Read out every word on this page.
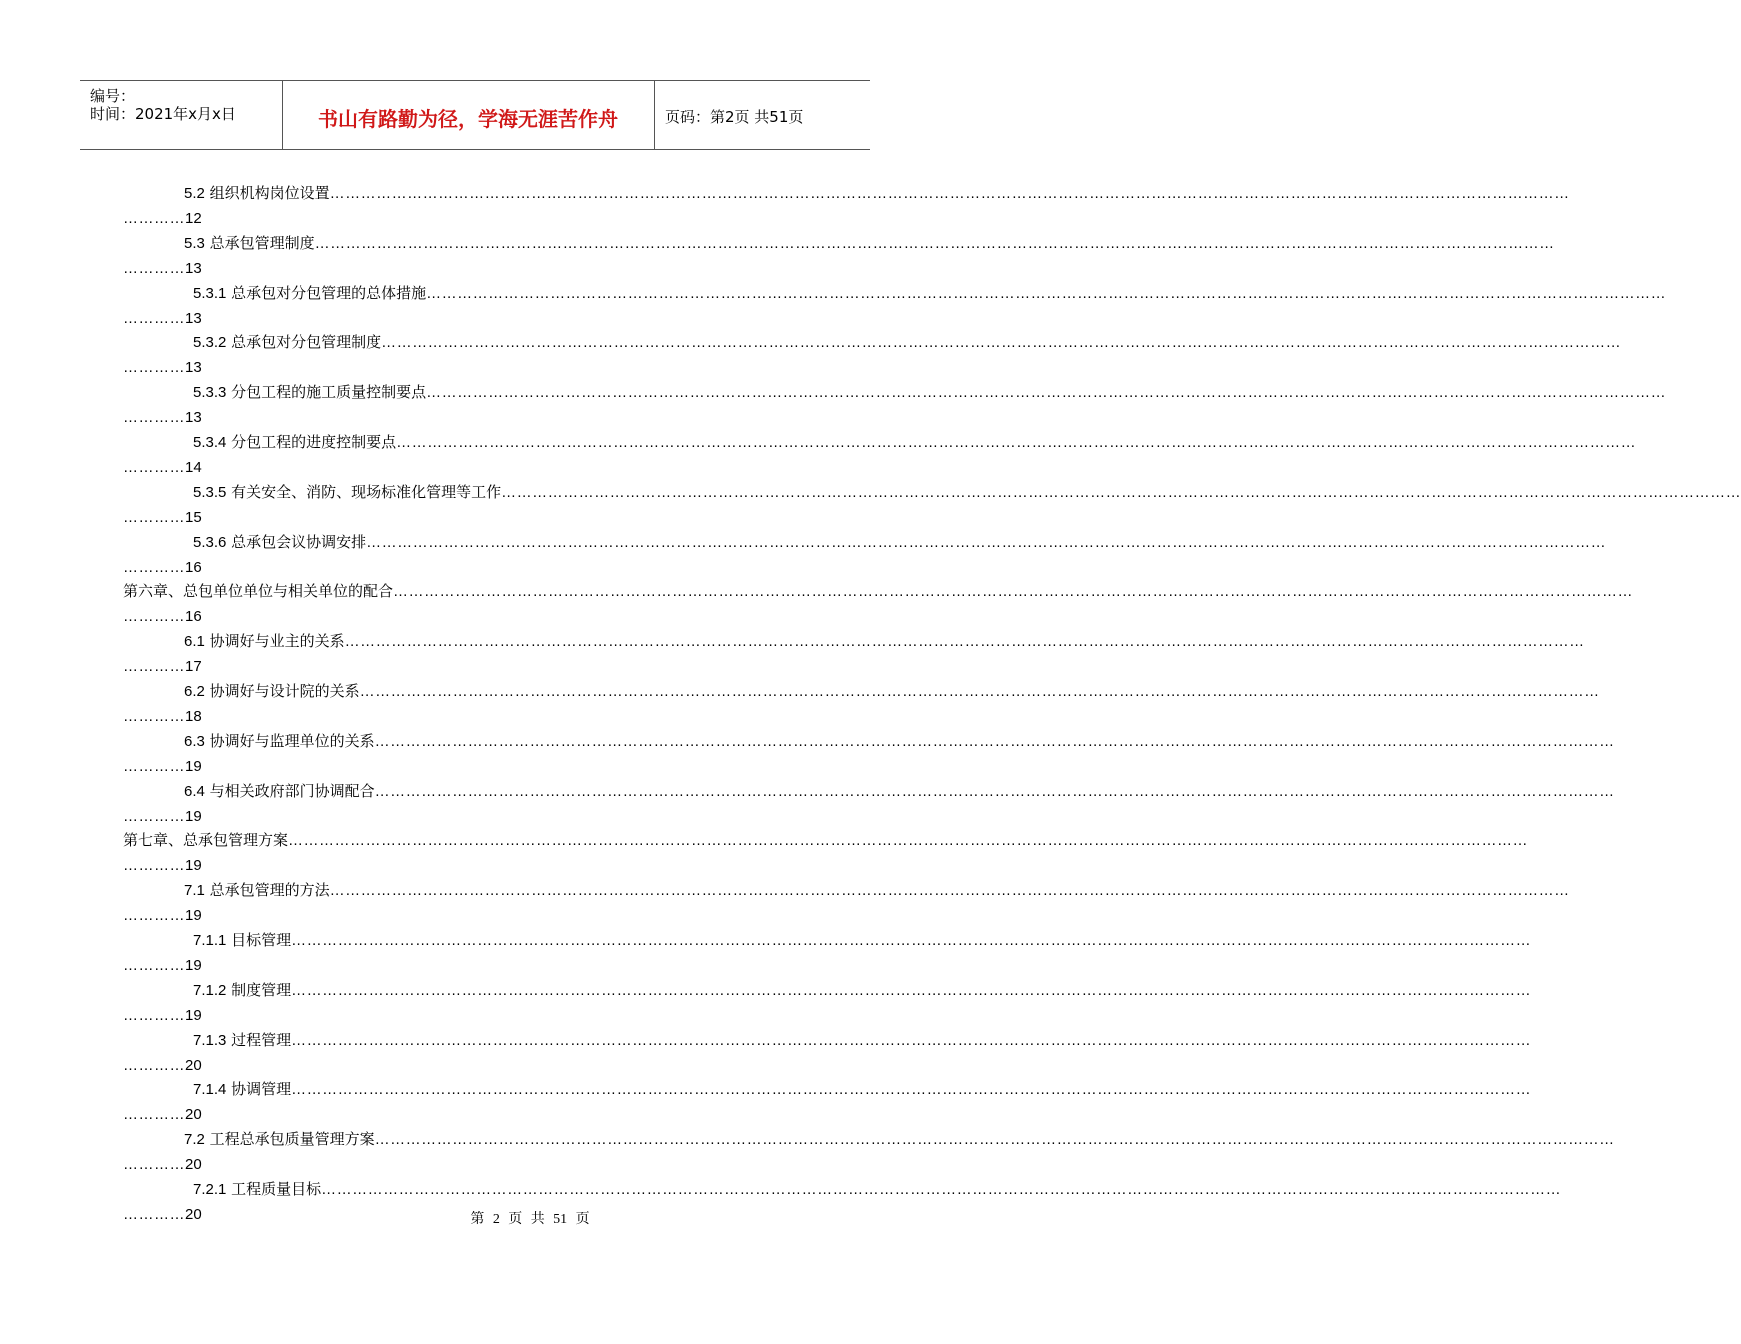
编号：
时间：2021年x月x日	书山有路勤为径，学海无涯苦作舟	页码：第2页 共51页
5.2 组织机构岗位设置……………………………………………………………………………………………………………………………………………………………………………………………………………………
…………12
5.3 总承包管理制度……………………………………………………………………………………………………………………………………………………………………………………………………………………
…………13
5.3.1 总承包对分包管理的总体措施……………………………………………………………………………………………………………………………………………………………………………………………………………………
…………13
5.3.2 总承包对分包管理制度……………………………………………………………………………………………………………………………………………………………………………………………………………………
…………13
5.3.3 分包工程的施工质量控制要点……………………………………………………………………………………………………………………………………………………………………………………………………………………
…………13
5.3.4 分包工程的进度控制要点……………………………………………………………………………………………………………………………………………………………………………………………………………………
…………14
5.3.5 有关安全、消防、现场标准化管理等工作……………………………………………………………………………………………………………………………………………………………………………………………………………………
…………15
5.3.6 总承包会议协调安排……………………………………………………………………………………………………………………………………………………………………………………………………………………
…………16
第六章、总包单位单位与相关单位的配合……………………………………………………………………………………………………………………………………………………………………………………………………………………
…………16
6.1 协调好与业主的关系……………………………………………………………………………………………………………………………………………………………………………………………………………………
…………17
6.2 协调好与设计院的关系……………………………………………………………………………………………………………………………………………………………………………………………………………………
…………18
6.3 协调好与监理单位的关系……………………………………………………………………………………………………………………………………………………………………………………………………………………
…………19
6.4 与相关政府部门协调配合……………………………………………………………………………………………………………………………………………………………………………………………………………………
…………19
第七章、总承包管理方案……………………………………………………………………………………………………………………………………………………………………………………………………………………
…………19
7.1 总承包管理的方法……………………………………………………………………………………………………………………………………………………………………………………………………………………
…………19
7.1.1 目标管理……………………………………………………………………………………………………………………………………………………………………………………………………………………
…………19
7.1.2 制度管理……………………………………………………………………………………………………………………………………………………………………………………………………………………
…………19
7.1.3 过程管理……………………………………………………………………………………………………………………………………………………………………………………………………………………
…………20
7.1.4 协调管理……………………………………………………………………………………………………………………………………………………………………………………………………………………
…………20
7.2 工程总承包质量管理方案……………………………………………………………………………………………………………………………………………………………………………………………………………………
…………20
7.2.1 工程质量目标……………………………………………………………………………………………………………………………………………………………………………………………………………………
…………20	第 2 页 共 51 页
